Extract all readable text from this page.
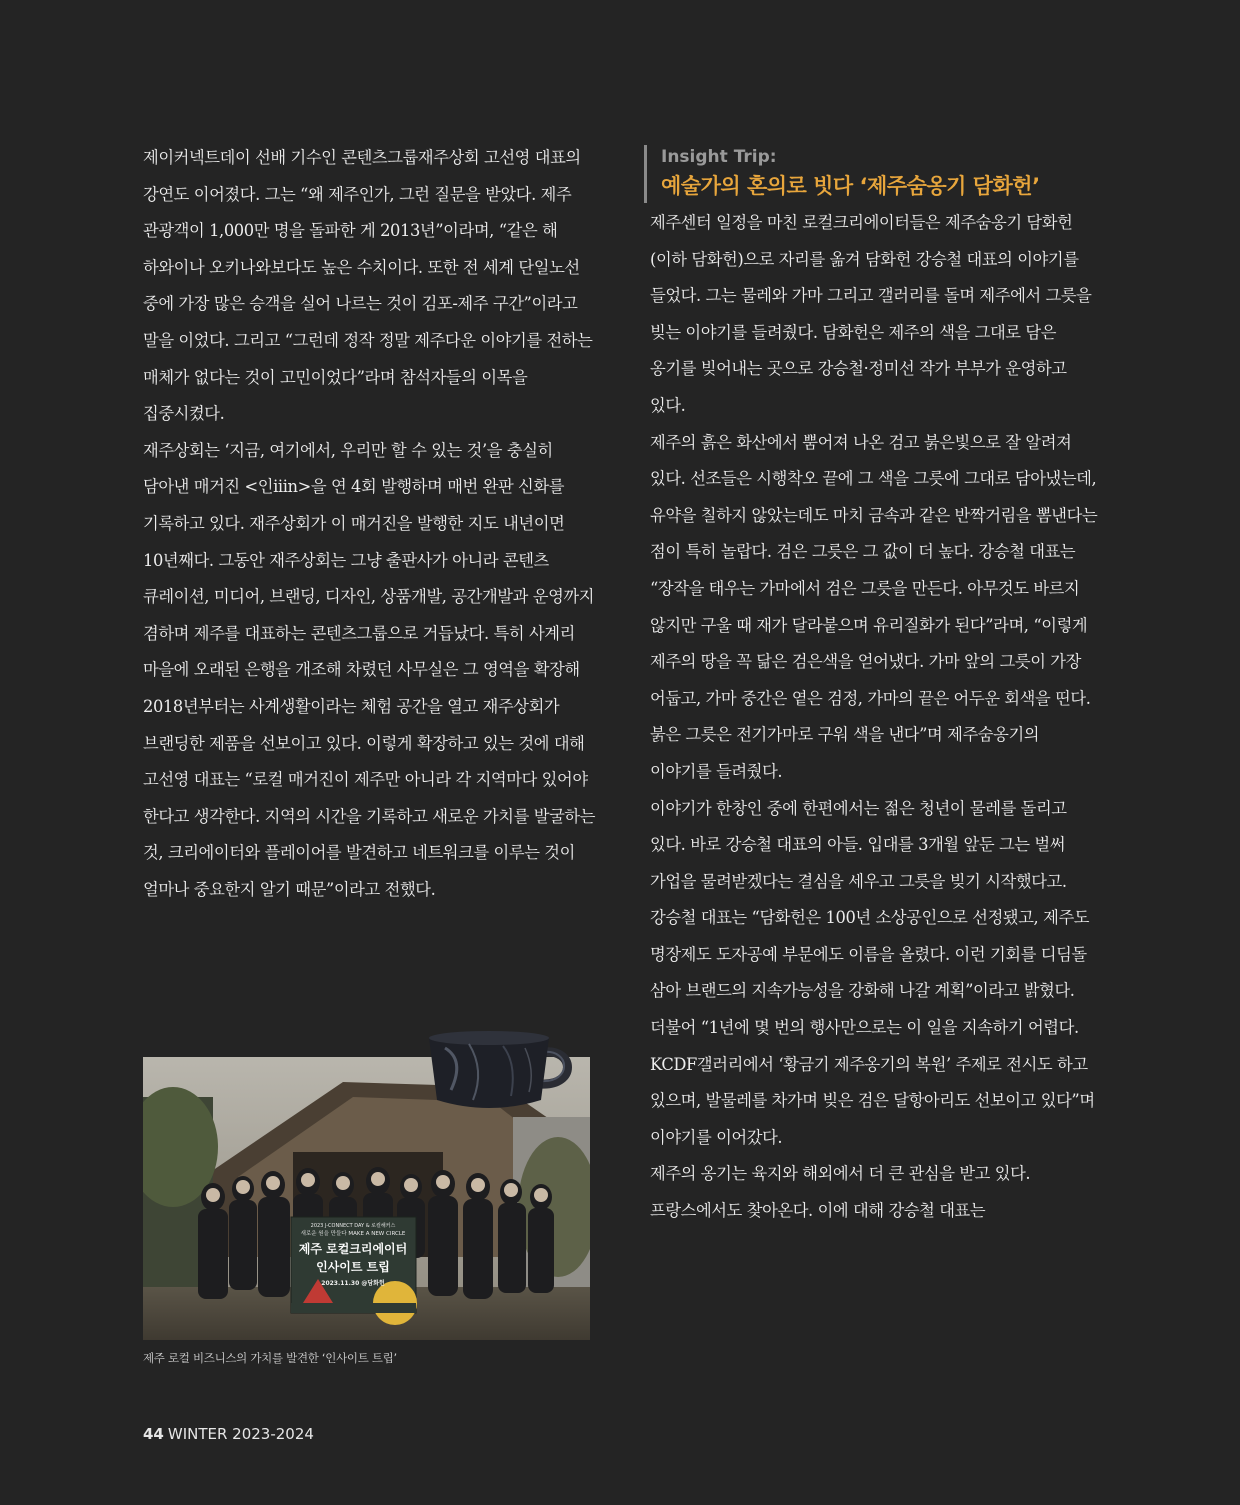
제이커넥트데이 선배 기수인 콘텐츠그룹재주상회 고선영 대표의 강연도 이어졌다. 그는 “왜 제주인가, 그런 질문을 받았다. 제주 관광객이 1,000만 명을 돌파한 게 2013년”이라며, “같은 해 하와이나 오키나와보다도 높은 수치이다. 또한 전 세계 단일노선 중에 가장 많은 승객을 실어 나르는 것이 김포-제주 구간”이라고 말을 이었다. 그리고 “그런데 정작 정말 제주다운 이야기를 전하는 매체가 없다는 것이 고민이었다”라며 참석자들의 이목을 집중시켰다.

재주상회는 ‘지금, 여기에서, 우리만 할 수 있는 것’을 충실히 담아낸 매거진 <인iiin>을 연 4회 발행하며 매번 완판 신화를 기록하고 있다. 재주상회가 이 매거진을 발행한 지도 내년이면 10년째다. 그동안 재주상회는 그냥 출판사가 아니라 콘텐츠 큐레이션, 미디어, 브랜딩, 디자인, 상품개발, 공간개발과 운영까지 겸하며 제주를 대표하는 콘텐츠그룹으로 거듭났다. 특히 사계리 마을에 오래된 은행을 개조해 차렸던 사무실은 그 영역을 확장해 2018년부터는 사계생활이라는 체험 공간을 열고 재주상회가 브랜딩한 제품을 선보이고 있다. 이렇게 확장하고 있는 것에 대해 고선영 대표는 “로컬 매거진이 제주만 아니라 각 지역마다 있어야 한다고 생각한다. 지역의 시간을 기록하고 새로운 가치를 발굴하는 것, 크리에이터와 플레이어를 발견하고 네트워크를 이루는 것이 얼마나 중요한지 알기 때문”이라고 전했다.

2023 J-CONNECT DAY & 로컬해커스
새로운 원을 만들다 MAKE A NEW CIRCLE
제주 로컬크리에이터
인사이트 트립
2023.11.30 @담화헌
제주 로컬 비즈니스의 가치를 발견한 ‘인사이트 트립’
Insight Trip:
예술가의 혼의로 빗다 ‘제주숨옹기 담화헌’

제주센터 일정을 마친 로컬크리에이터들은 제주숨옹기 담화헌(이하 담화헌)으로 자리를 옮겨 담화헌 강승철 대표의 이야기를 들었다. 그는 물레와 가마 그리고 갤러리를 돌며 제주에서 그릇을 빚는 이야기를 들려줬다. 담화헌은 제주의 색을 그대로 담은 옹기를 빚어내는 곳으로 강승철·정미선 작가 부부가 운영하고 있다.

제주의 흙은 화산에서 뿜어져 나온 검고 붉은빛으로 잘 알려져 있다. 선조들은 시행착오 끝에 그 색을 그릇에 그대로 담아냈는데, 유약을 칠하지 않았는데도 마치 금속과 같은 반짝거림을 뽐낸다는 점이 특히 놀랍다. 검은 그릇은 그 값이 더 높다. 강승철 대표는 “장작을 태우는 가마에서 검은 그릇을 만든다. 아무것도 바르지 않지만 구울 때 재가 달라붙으며 유리질화가 된다”라며, “이렇게 제주의 땅을 꼭 닮은 검은색을 얻어냈다. 가마 앞의 그릇이 가장 어둡고, 가마 중간은 옅은 검정, 가마의 끝은 어두운 회색을 띤다. 붉은 그릇은 전기가마로 구워 색을 낸다”며 제주숨옹기의 이야기를 들려줬다.

이야기가 한창인 중에 한편에서는 젊은 청년이 물레를 돌리고 있다. 바로 강승철 대표의 아들. 입대를 3개월 앞둔 그는 벌써 가업을 물려받겠다는 결심을 세우고 그릇을 빚기 시작했다고.

강승철 대표는 “담화헌은 100년 소상공인으로 선정됐고, 제주도 명장제도 도자공예 부문에도 이름을 올렸다. 이런 기회를 디딤돌 삼아 브랜드의 지속가능성을 강화해 나갈 계획”이라고 밝혔다. 더불어 “1년에 몇 번의 행사만으로는 이 일을 지속하기 어렵다. KCDF갤러리에서 ‘황금기 제주옹기의 복원’ 주제로 전시도 하고 있으며, 발물레를 차가며 빚은 검은 달항아리도 선보이고 있다”며 이야기를 이어갔다.

제주의 옹기는 육지와 해외에서 더 큰 관심을 받고 있다. 프랑스에서도 찾아온다. 이에 대해 강승철 대표는

44 WINTER 2023-2024
